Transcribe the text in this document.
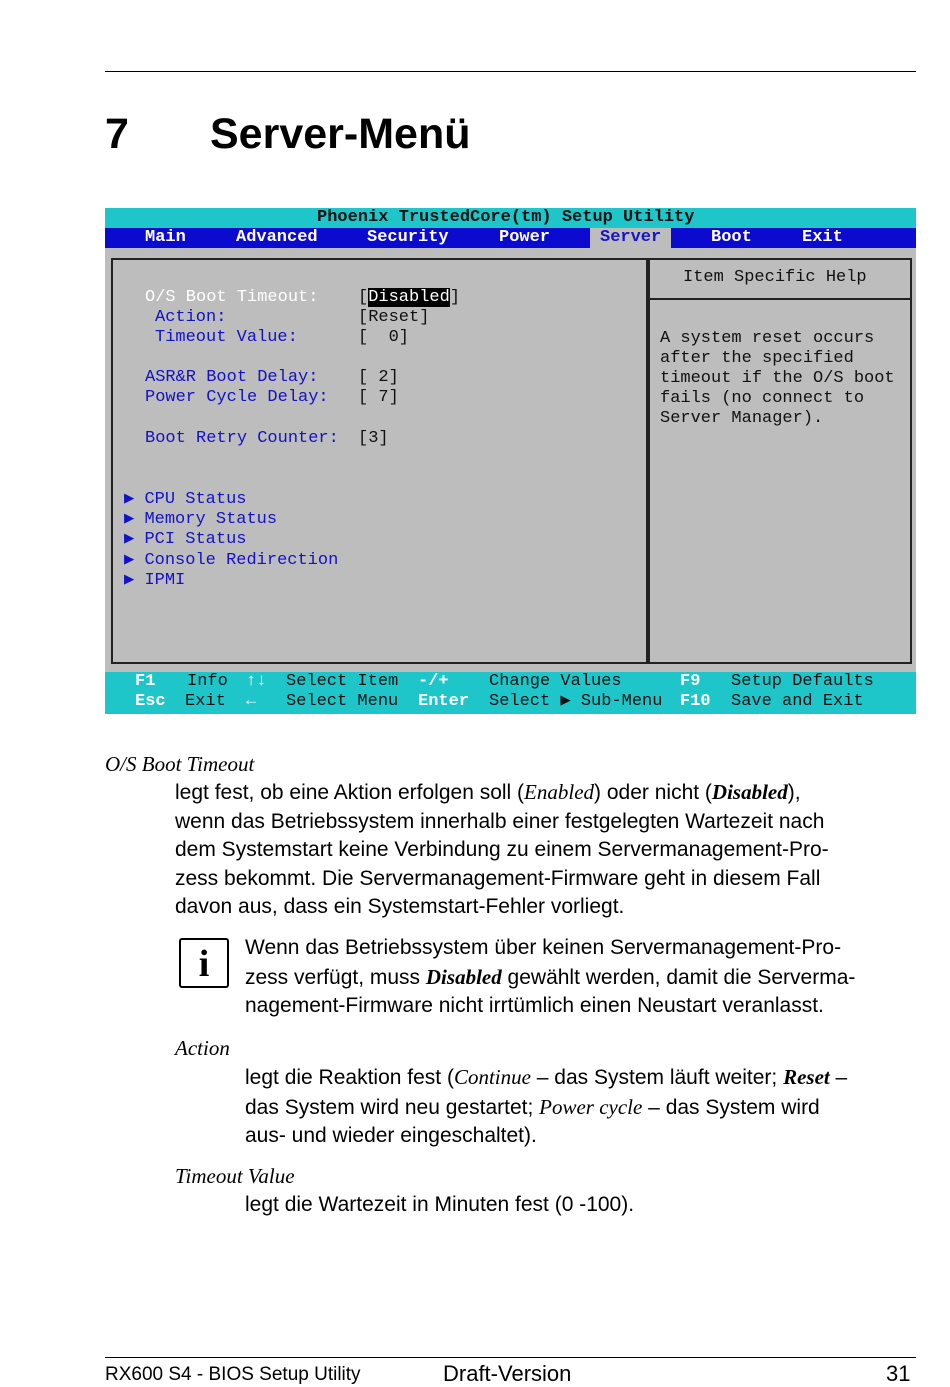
7 Server-Menü
Phoenix TrustedCore(tm) Setup Utility
Main	Advanced	Security	Power	Server	Boot	Exit
O/S Boot Timeout: [Disabled]
Action:	[Reset]
Timeout Value:	[  0]
ASR&R Boot Delay: [ 2]
Power Cycle Delay: [ 7]
Boot Retry Counter: [3]
▶ CPU Status
▶ Memory Status
▶ PCI Status
▶ Console Redirection
▶ IPMI
Item Specific Help
A system reset occurs
after the specified
timeout if the O/S boot
fails (no connect to
Server Manager).
F1 Info ↑↓ Select Item -/+ Change Values	F9 Setup Defaults
Esc Exit ← Select Menu Enter Select ▶ Sub-Menu F10 Save and Exit
O/S Boot Timeout
legt fest, ob eine Aktion erfolgen soll (Enabled) oder nicht (Disabled),
wenn das Betriebssystem innerhalb einer festgelegten Wartezeit nach
dem Systemstart keine Verbindung zu einem Servermanagement-Pro-
zess bekommt. Die Servermanagement-Firmware geht in diesem Fall
davon aus, dass ein Systemstart-Fehler vorliegt.
i	Wenn das Betriebssystem über keinen Servermanagement-Pro-
zess verfügt, muss Disabled gewählt werden, damit die Serverma-
nagement-Firmware nicht irrtümlich einen Neustart veranlasst.
Action
legt die Reaktion fest (Continue – das System läuft weiter; Reset –
das System wird neu gestartet; Power cycle – das System wird
aus- und wieder eingeschaltet).
Timeout Value
legt die Wartezeit in Minuten fest (0 -100).
RX600 S4 - BIOS Setup Utility	Draft-Version	31
